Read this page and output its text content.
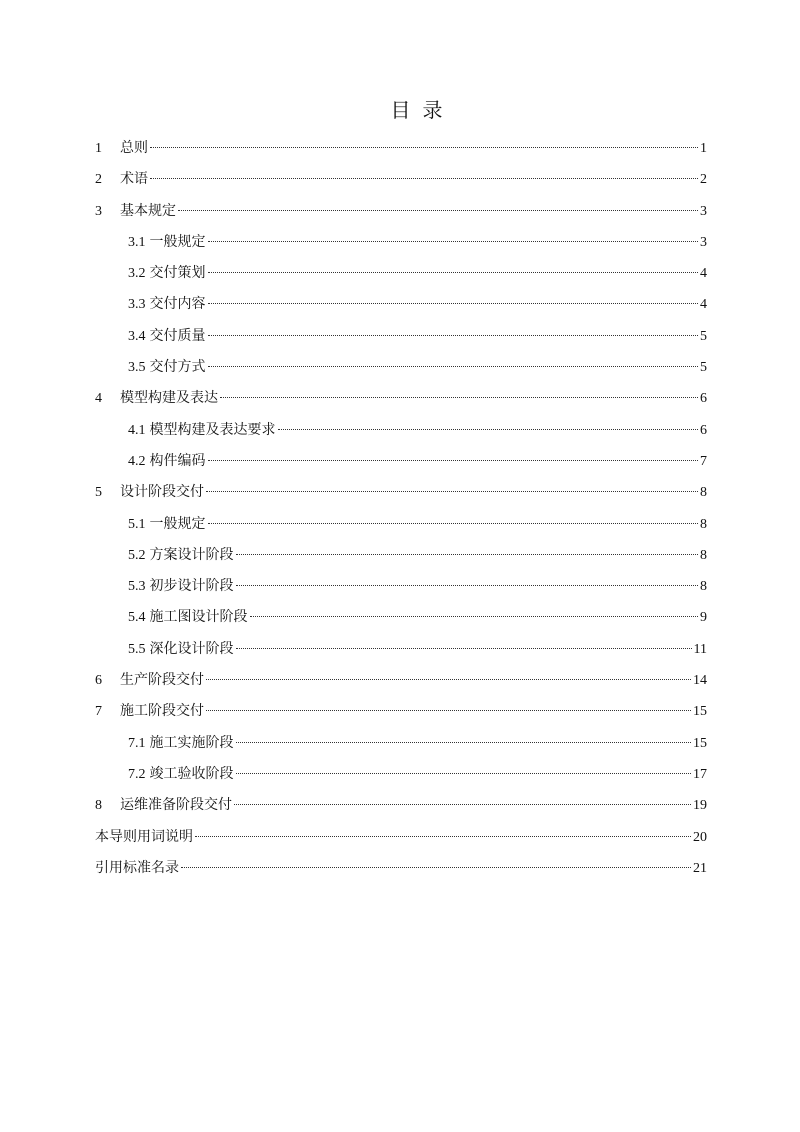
目录
1	总则	1
2	术语	2
3	基本规定	3
3.1 一般规定	3
3.2 交付策划	4
3.3 交付内容	4
3.4 交付质量	5
3.5 交付方式	5
4	模型构建及表达	6
4.1 模型构建及表达要求	6
4.2 构件编码	7
5	设计阶段交付	8
5.1 一般规定	8
5.2 方案设计阶段	8
5.3 初步设计阶段	8
5.4 施工图设计阶段	9
5.5 深化设计阶段	11
6	生产阶段交付	14
7	施工阶段交付	15
7.1 施工实施阶段	15
7.2 竣工验收阶段	17
8	运维准备阶段交付	19
本导则用词说明	20
引用标准名录	21
